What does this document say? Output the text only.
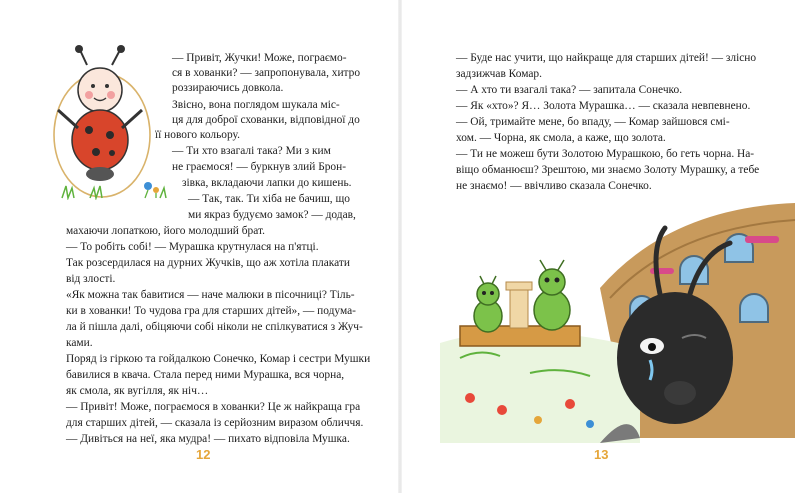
— Привіт, Жучки! Може, пограємо-

ся в хованки? — запропонувала, хитро

роззираючись довкола.

Звісно, вона поглядом шукала міс-

ця для доброї схованки, відповідної до

її нового кольору.

— Ти хто взагалі така? Ми з ким

не граємося! — буркнув злий Брон-

зівка, вкладаючи лапки до кишень.

— Так, так. Ти хіба не бачиш, що

ми якраз будуємо замок? — додав,

махаючи лопаткою, його молодший брат.

— То робіть собі! — Мурашка крутнулася на п'ятці.

Так розсердилася на дурних Жучків, що аж хотіла плакати

від злості.

«Як можна так бавитися — наче малюки в пісочниці? Тіль-

ки в хованки! То чудова гра для старших дітей», — подума-

ла й пішла далі, обіцяючи собі ніколи не спілкуватися з Жуч-

ками.

Поряд із гіркою та гойдалкою Сонечко, Комар і сестри Мушки

бавилися в квача. Стала перед ними Мурашка, вся чорна,

як смола, як вугілля, як ніч…

— Привіт! Може, пограємося в хованки? Це ж найкраща гра

для старших дітей, — сказала із серйозним виразом обличчя.

— Дивіться на неї, яка мудра! — пихато відповіла Мушка.

12

— Буде нас учити, що найкраще для старших дітей! — злісно

задзижчав Комар.

— А хто ти взагалі така? — запитала Сонечко.

— Як «хто»? Я… Золота Мурашка… — сказала невпевнено.

— Ой, тримайте мене, бо впаду, — Комар зайшовся смі-

хом. — Чорна, як смола, а каже, що золота.

— Ти не можеш бути Золотою Мурашкою, бо геть чорна. На-

віщо обманюєш? Зрештою, ми знаємо Золоту Мурашку, а тебе

не знаємо! — ввічливо сказала Сонечко.

13
